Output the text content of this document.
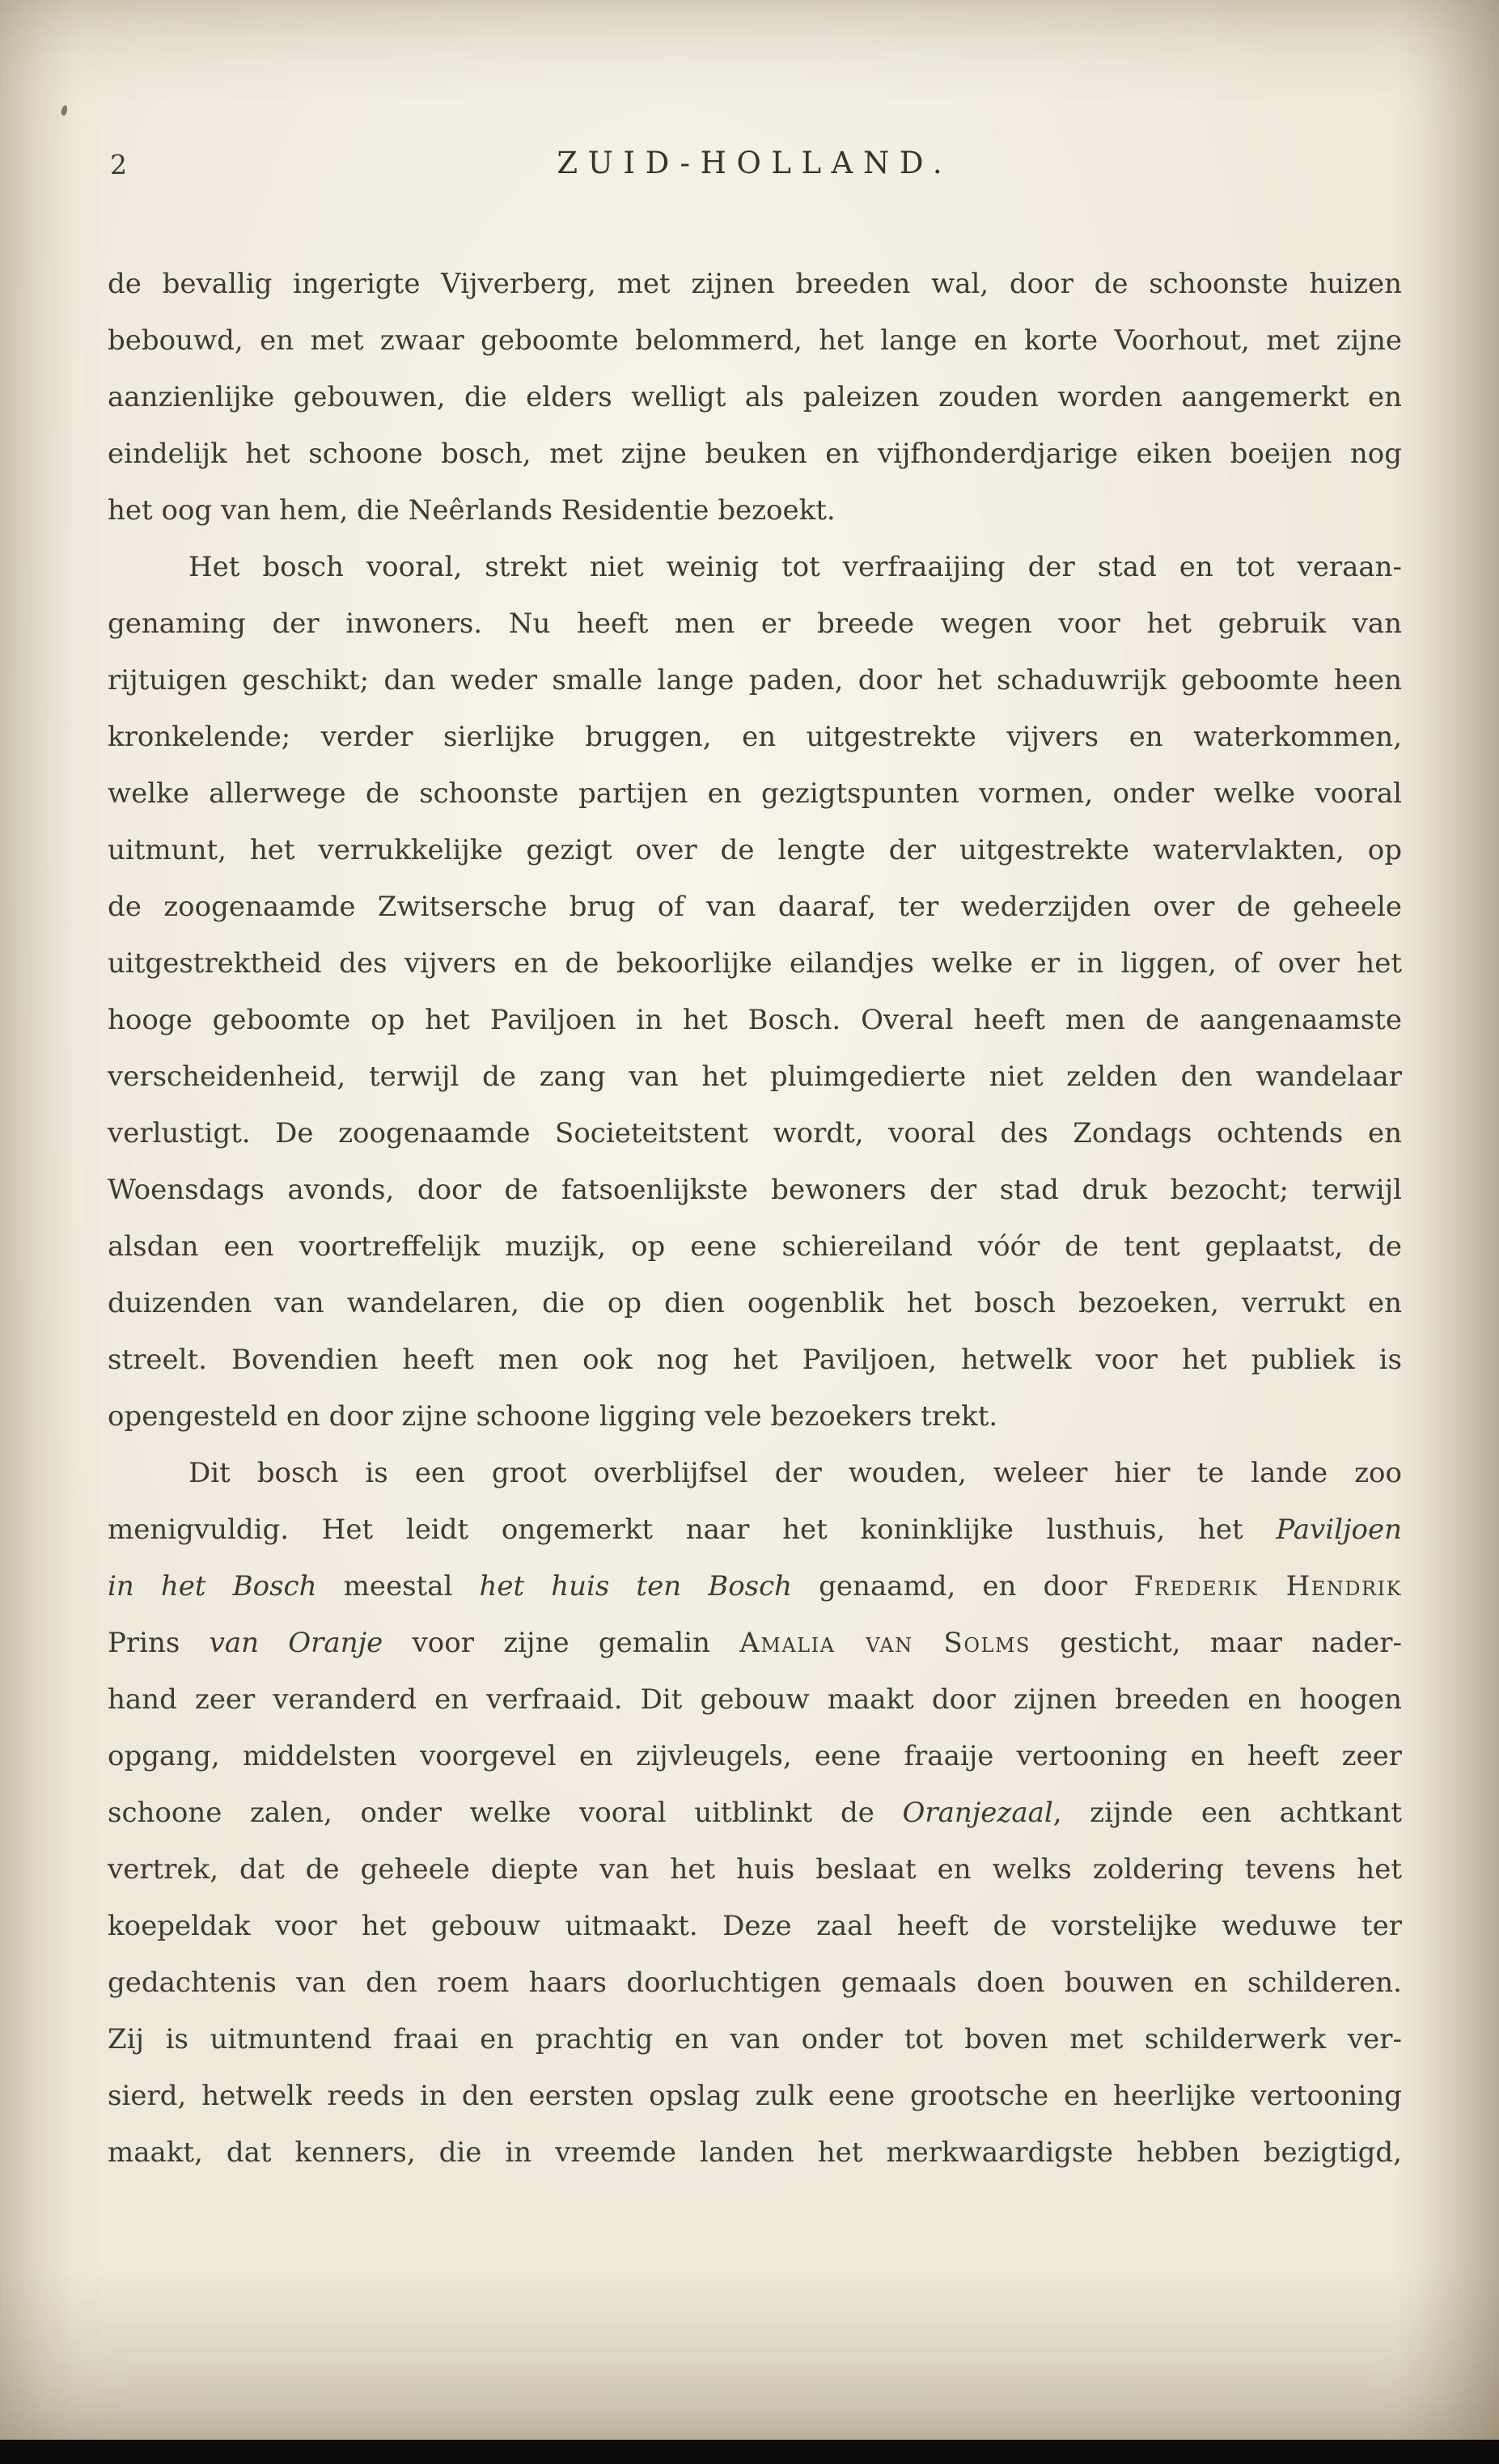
2	ZUID-HOLLAND.
de bevallig ingerigte Vijverberg, met zijnen breeden wal, door de schoonste huizen
bebouwd, en met zwaar geboomte belommerd, het lange en korte Voorhout, met zijne
aanzienlijke gebouwen, die elders welligt als paleizen zouden worden aangemerkt en
eindelijk het schoone bosch, met zijne beuken en vijfhonderdjarige eiken boeijen nog
het oog van hem, die Neêrlands Residentie bezoekt.
Het bosch vooral, strekt niet weinig tot verfraaijing der stad en tot veraan-
genaming der inwoners. Nu heeft men er breede wegen voor het gebruik van
rijtuigen geschikt; dan weder smalle lange paden, door het schaduwrijk geboomte heen
kronkelende; verder sierlijke bruggen, en uitgestrekte vijvers en waterkommen,
welke allerwege de schoonste partijen en gezigtspunten vormen, onder welke vooral
uitmunt, het verrukkelijke gezigt over de lengte der uitgestrekte watervlakten, op
de zoogenaamde Zwitsersche brug of van daaraf, ter wederzijden over de geheele
uitgestrektheid des vijvers en de bekoorlijke eilandjes welke er in liggen, of over het
hooge geboomte op het Paviljoen in het Bosch. Overal heeft men de aangenaamste
verscheidenheid, terwijl de zang van het pluimgedierte niet zelden den wandelaar
verlustigt. De zoogenaamde Societeitstent wordt, vooral des Zondags ochtends en
Woensdags avonds, door de fatsoenlijkste bewoners der stad druk bezocht; terwijl
alsdan een voortreffelijk muzijk, op eene schiereiland vóór de tent geplaatst, de
duizenden van wandelaren, die op dien oogenblik het bosch bezoeken, verrukt en
streelt. Bovendien heeft men ook nog het Paviljoen, hetwelk voor het publiek is
opengesteld en door zijne schoone ligging vele bezoekers trekt.
Dit bosch is een groot overblijfsel der wouden, weleer hier te lande zoo
menigvuldig. Het leidt ongemerkt naar het koninklijke lusthuis, het Paviljoen
in het Bosch meestal het huis ten Bosch genaamd, en door Frederik Hendrik
Prins van Oranje voor zijne gemalin Amalia van Solms gesticht, maar nader-
hand zeer veranderd en verfraaid. Dit gebouw maakt door zijnen breeden en hoogen
opgang, middelsten voorgevel en zijvleugels, eene fraaije vertooning en heeft zeer
schoone zalen, onder welke vooral uitblinkt de Oranjezaal, zijnde een achtkant
vertrek, dat de geheele diepte van het huis beslaat en welks zoldering tevens het
koepeldak voor het gebouw uitmaakt. Deze zaal heeft de vorstelijke weduwe ter
gedachtenis van den roem haars doorluchtigen gemaals doen bouwen en schilderen.
Zij is uitmuntend fraai en prachtig en van onder tot boven met schilderwerk ver-
sierd, hetwelk reeds in den eersten opslag zulk eene grootsche en heerlijke vertooning
maakt, dat kenners, die in vreemde landen het merkwaardigste hebben bezigtigd,
